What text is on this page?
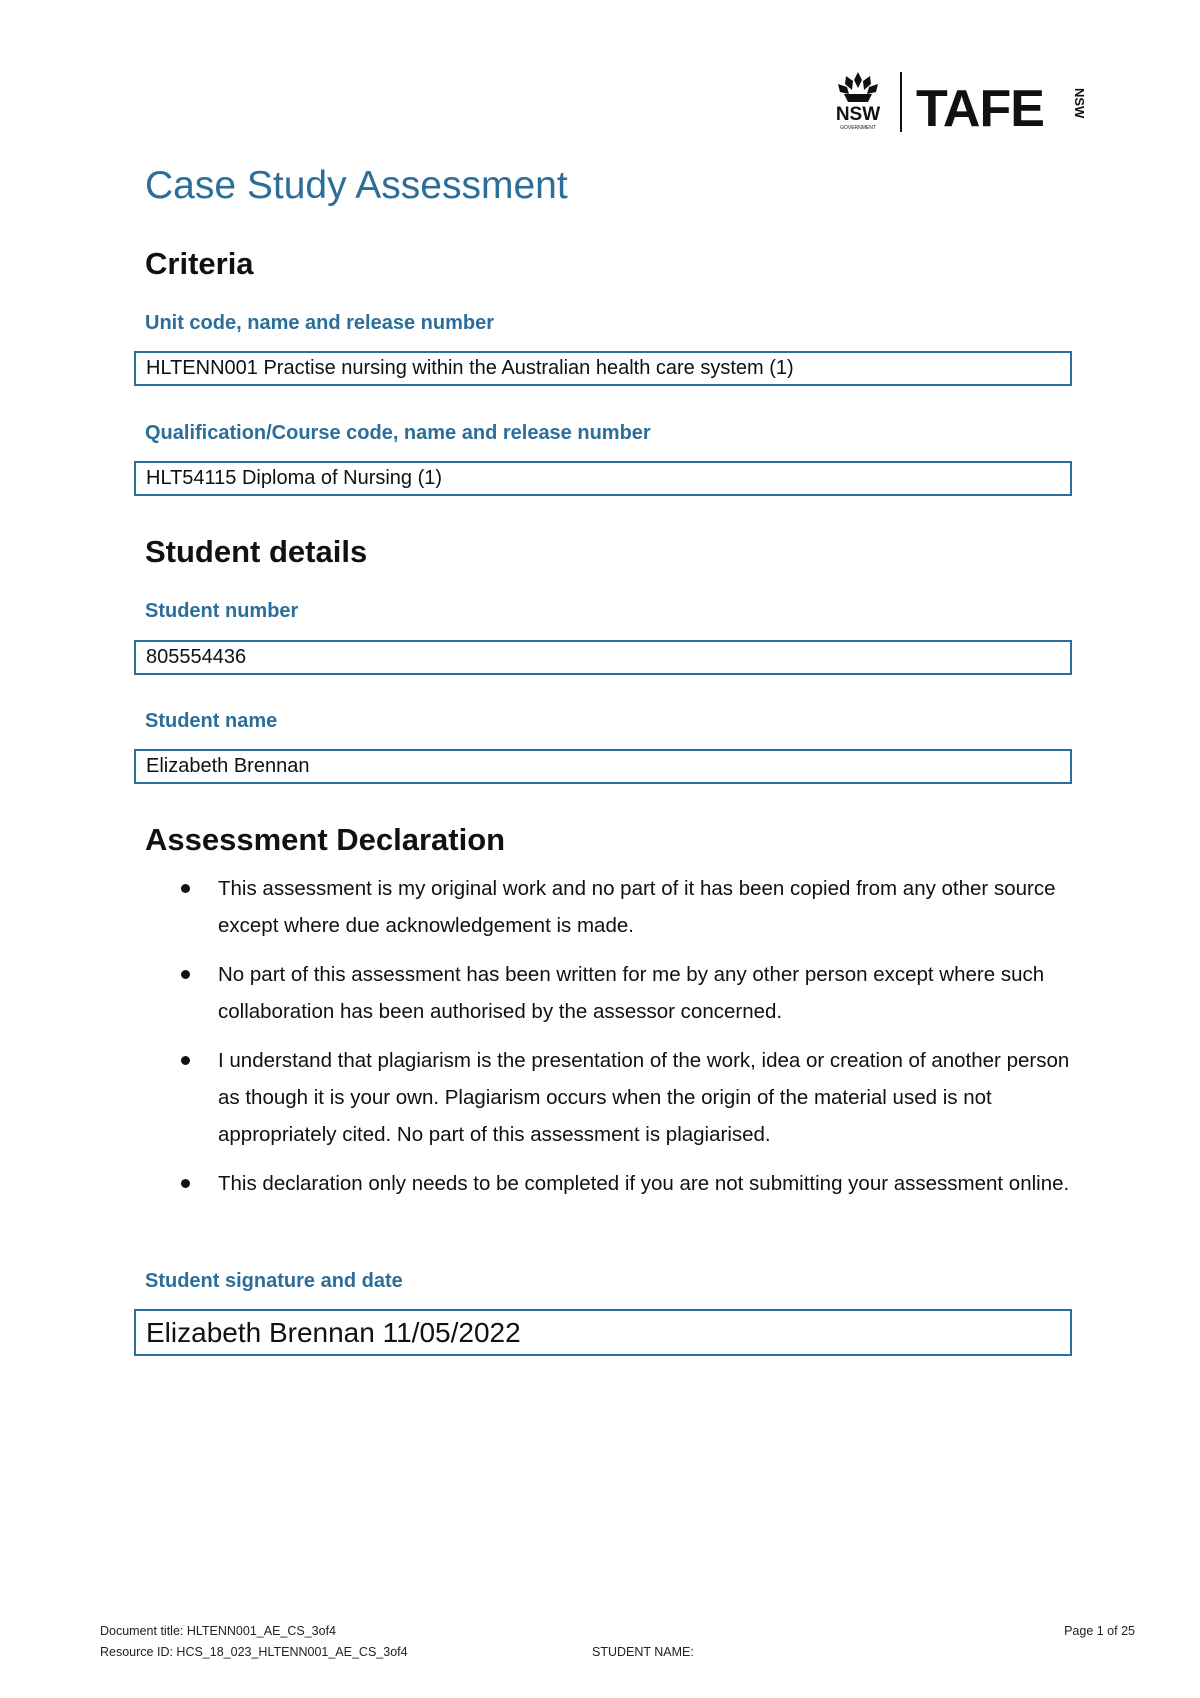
NSW
GOVERNMENT TAFE NSW
Case Study Assessment
Criteria
Unit code, name and release number
HLTENN001 Practise nursing within the Australian health care system (1)
Qualification/Course code, name and release number
HLT54115 Diploma of Nursing (1)
Student details
Student number
805554436
Student name
Elizabeth Brennan
Assessment Declaration
This assessment is my original work and no part of it has been copied from any other source except where due acknowledgement is made.
No part of this assessment has been written for me by any other person except where such collaboration has been authorised by the assessor concerned.
I understand that plagiarism is the presentation of the work, idea or creation of another person as though it is your own. Plagiarism occurs when the origin of the material used is not appropriately cited. No part of this assessment is plagiarised.
This declaration only needs to be completed if you are not submitting your assessment online.
Student signature and date
Elizabeth Brennan 11/05/2022
Document title: HLTENN001_AE_CS_3of4
Resource ID: HCS_18_023_HLTENN001_AE_CS_3of4	STUDENT NAME:
Page 1 of 25
